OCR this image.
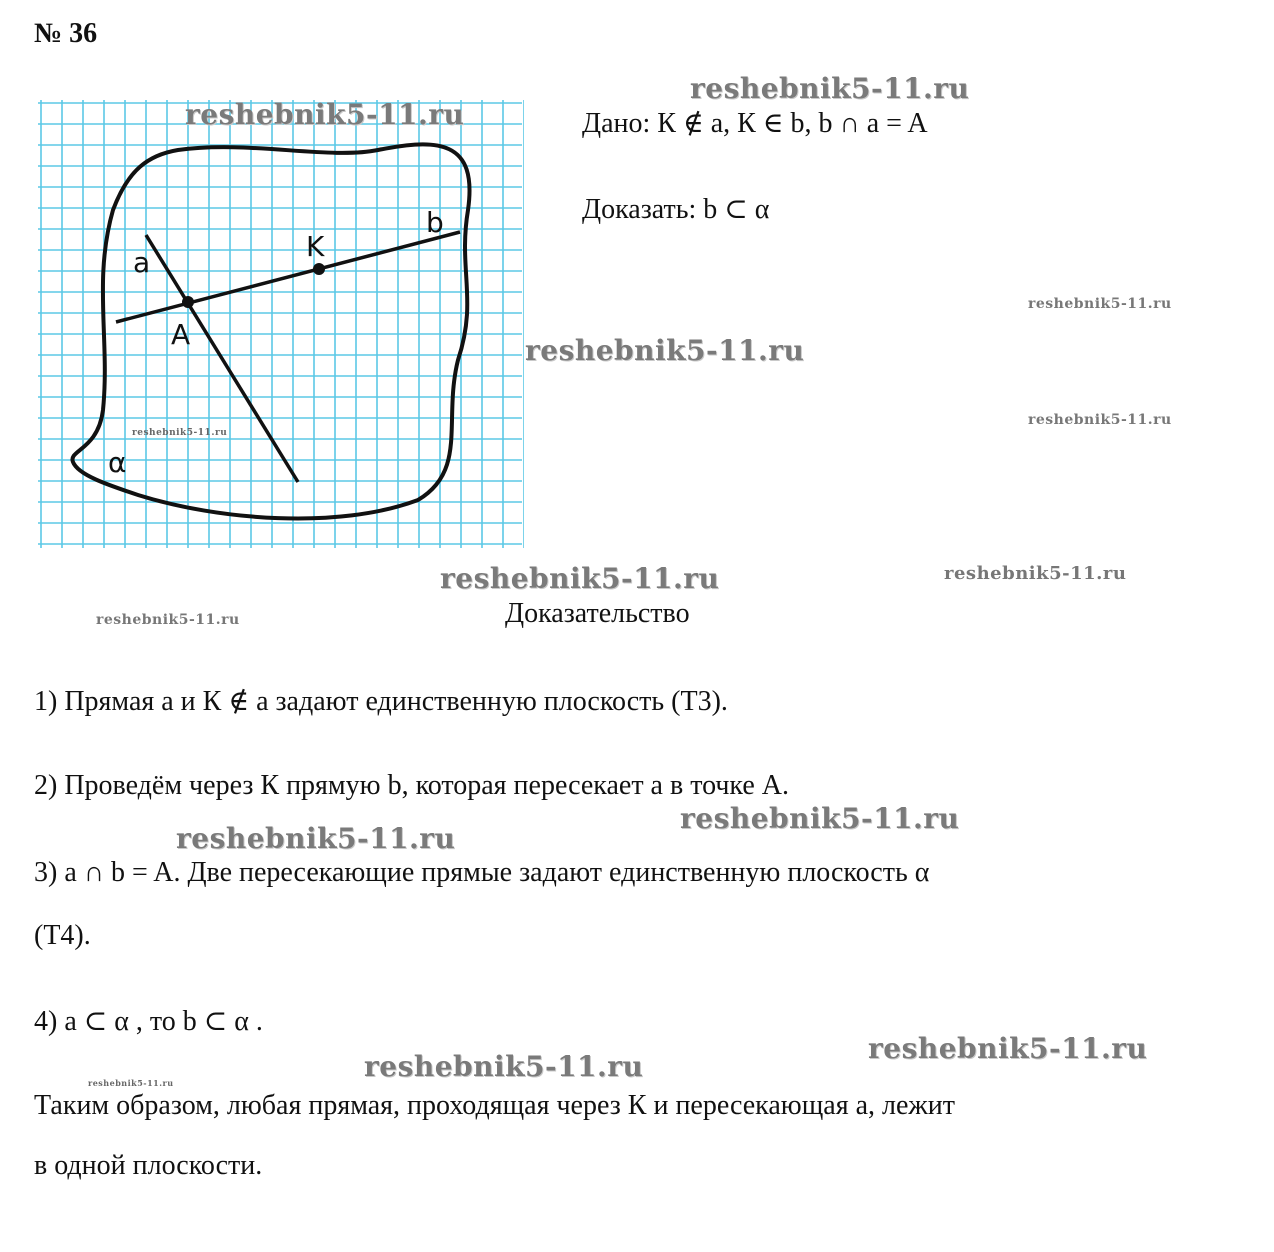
№ 36
a
b
K
A
α
Дано: К ∉ а, К ∈ b, b ∩ a = A
Доказать: b ⊂ α
Доказательство
1) Прямая а и К ∉ а задают единственную плоскость (Т3).
2) Проведём через К прямую b, которая пересекает а в точке А.
3) a ∩ b = A. Две пересекающие прямые задают единственную плоскость α
(Т4).
4) a ⊂ α , то b ⊂ α .
Таким образом, любая прямая, проходящая через К и пересекающая а, лежит
в одной плоскости.
reshebnik5-11.ru
reshebnik5-11.ru
reshebnik5-11.ru
reshebnik5-11.ru
reshebnik5-11.ru
reshebnik5-11.ru
reshebnik5-11.ru	reshebnik5-11.ru
reshebnik5-11.ru
reshebnik5-11.ru
reshebnik5-11.ru
reshebnik5-11.ru
reshebnik5-11.ru
reshebnik5-11.ru
